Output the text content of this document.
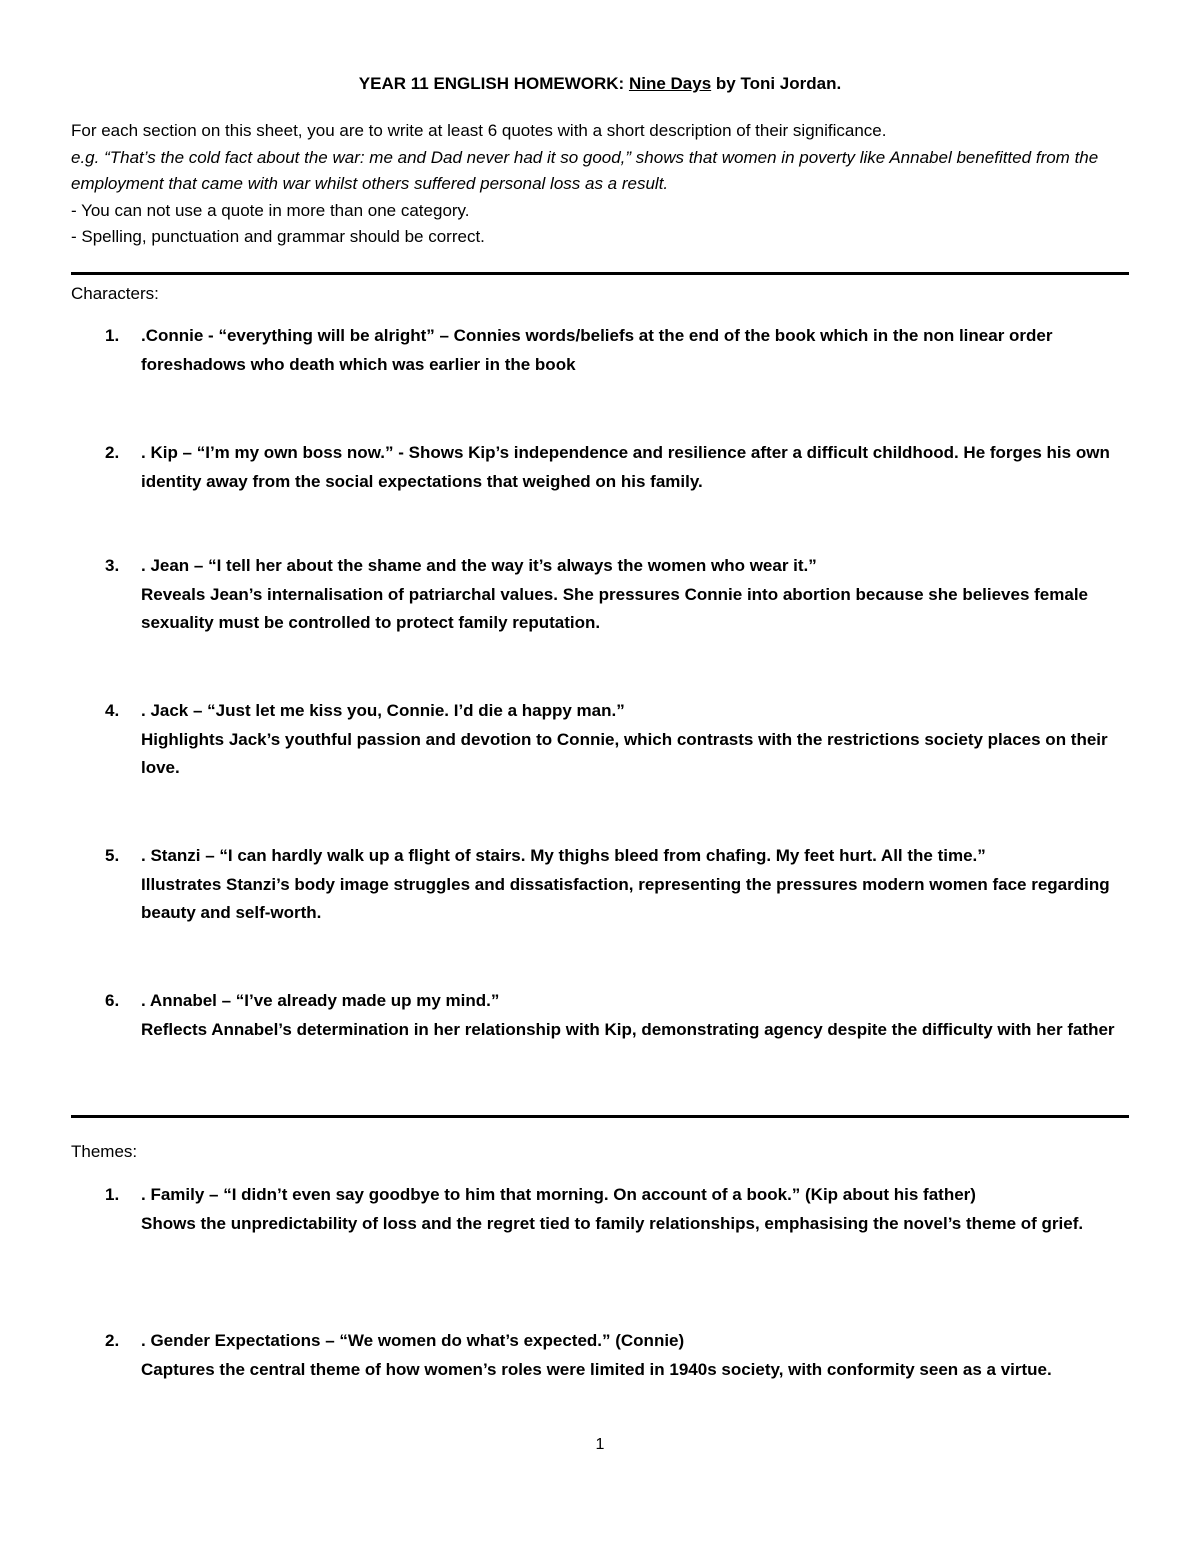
YEAR 11 ENGLISH HOMEWORK: Nine Days by Toni Jordan.

For each section on this sheet, you are to write at least 6 quotes with a short description of their significance.

e.g. “That’s the cold fact about the war: me and Dad never had it so good,” shows that women in poverty like Annabel benefitted from the employment that came with war whilst others suffered personal loss as a result.

- You can not use a quote in more than one category.

- Spelling, punctuation and grammar should be correct.

Characters:
1.	.Connie - “everything will be alright” – Connies words/beliefs at the end of the book which in the non linear order foreshadows who death which was earlier in the book
2.	. Kip – “I’m my own boss now.” - Shows Kip’s independence and resilience after a difficult childhood. He forges his own identity away from the social expectations that weighed on his family.
3.	. Jean – “I tell her about the shame and the way it’s always the women who wear it.”
Reveals Jean’s internalisation of patriarchal values. She pressures Connie into abortion because she believes female sexuality must be controlled to protect family reputation.
4.	. Jack – “Just let me kiss you, Connie. I’d die a happy man.”
Highlights Jack’s youthful passion and devotion to Connie, which contrasts with the restrictions society places on their love.
5.	. Stanzi – “I can hardly walk up a flight of stairs. My thighs bleed from chafing. My feet hurt. All the time.”
Illustrates Stanzi’s body image struggles and dissatisfaction, representing the pressures modern women face regarding beauty and self-worth.
6.	. Annabel – “I’ve already made up my mind.”
Reflects Annabel’s determination in her relationship with Kip, demonstrating agency despite the difficulty with her father
Themes:
1.	. Family – “I didn’t even say goodbye to him that morning. On account of a book.” (Kip about his father)
Shows the unpredictability of loss and the regret tied to family relationships, emphasising the novel’s theme of grief.
2.	. Gender Expectations – “We women do what’s expected.” (Connie)
Captures the central theme of how women’s roles were limited in 1940s society, with conformity seen as a virtue.
1
